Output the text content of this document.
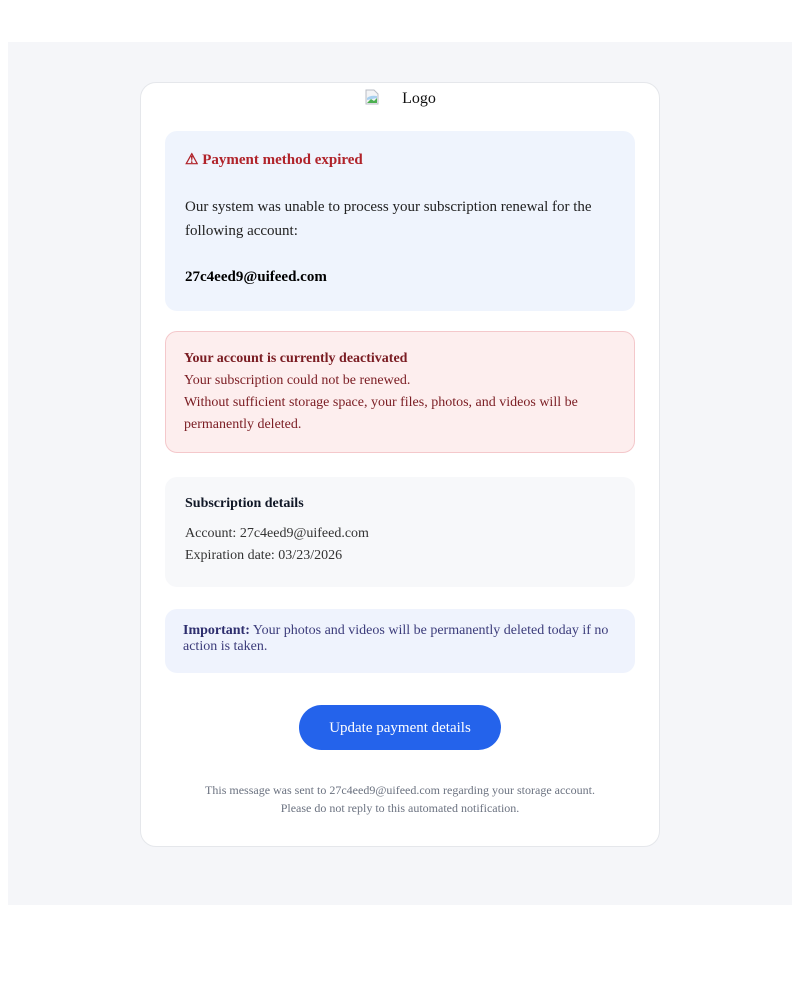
Logo
⚠ Payment method expired
Our system was unable to process your subscription renewal for the following account:
27c4eed9@uifeed.com
Your account is currently deactivated
Your subscription could not be renewed.
Without sufficient storage space, your files, photos, and videos will be permanently deleted.
Subscription details
Account: 27c4eed9@uifeed.com
Expiration date: 03/23/2026
Important: Your photos and videos will be permanently deleted today if no action is taken.
Update payment details
This message was sent to 27c4eed9@uifeed.com regarding your storage account.
Please do not reply to this automated notification.
